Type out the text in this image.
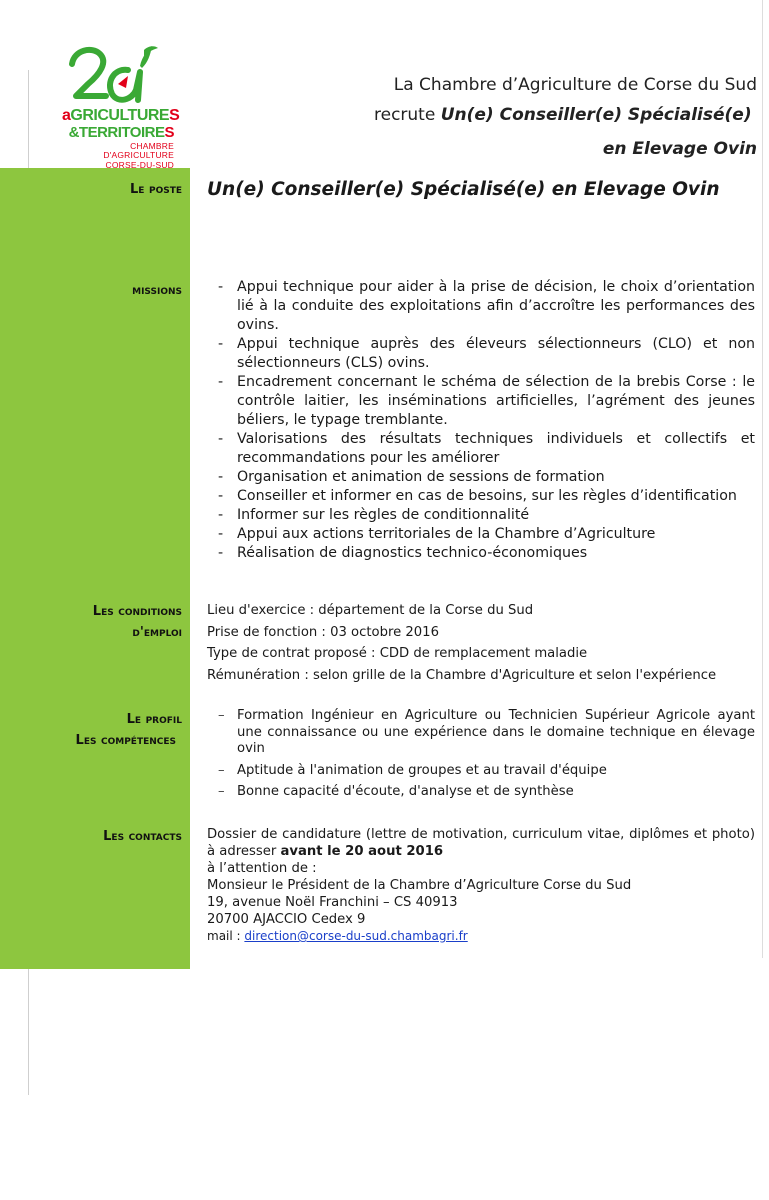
aGRICULTURES
&TERRITOIRES
CHAMBRE D'AGRICULTURE
CORSE-DU-SUD
La Chambre d’Agriculture de Corse du Sud
recrute Un(e) Conseiller(e) Spécialisé(e)
en Elevage Ovin
Le poste Un(e) Conseiller(e) Spécialisé(e) en Elevage Ovin
missions
-	Appui technique pour aider à la prise de décision, le choix d’orientation lié à la conduite des exploitations afin d’accroître les performances des ovins.
- Appui technique auprès des éleveurs sélectionneurs (CLO) et non sélectionneurs (CLS) ovins.
- Encadrement concernant le schéma de sélection de la brebis Corse : le contrôle laitier, les inséminations artificielles, l’agrément des jeunes béliers, le typage tremblante.
- Valorisations des résultats techniques individuels et collectifs et recommandations pour les améliorer
- Organisation et animation de sessions de formation
- Conseiller et informer en cas de besoins, sur les règles d’identification
- Informer sur les règles de conditionnalité
- Appui aux actions territoriales de la Chambre d’Agriculture
- Réalisation de diagnostics technico-économiques
Les conditions
d'emploi
Lieu d'exercice : département de la Corse du Sud
Prise de fonction : 03 octobre 2016
Type de contrat proposé : CDD de remplacement maladie
Rémunération : selon grille de la Chambre d'Agriculture et selon l'expérience
Le profil
Les compétences
– Formation Ingénieur en Agriculture ou Technicien Supérieur Agricole ayant une connaissance ou une expérience dans le domaine technique en élevage ovin
– Aptitude à l'animation de groupes et au travail d'équipe
– Bonne capacité d'écoute, d'analyse et de synthèse
Les contacts Dossier de candidature (lettre de motivation, curriculum vitae, diplômes et photo) à adresser avant le 20 aout 2016
à l’attention de :
Monsieur le Président de la Chambre d’Agriculture Corse du Sud
19, avenue Noël Franchini – CS 40913
20700 AJACCIO Cedex 9
mail : direction@corse-du-sud.chambagri.fr
